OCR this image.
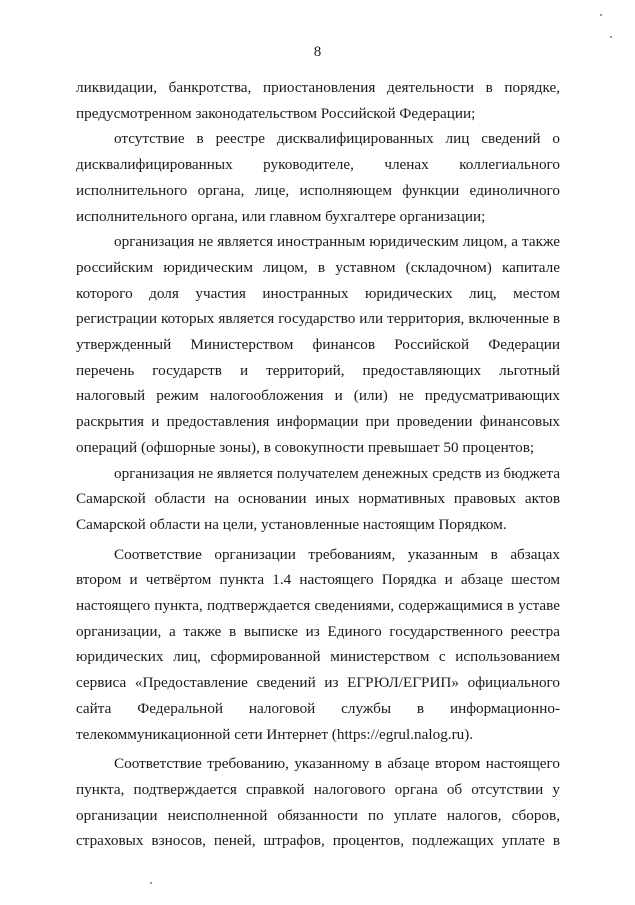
8

ликвидации, банкротства, приостановления деятельности в порядке, предусмотренном законодательством Российской Федерации;

отсутствие в реестре дисквалифицированных лиц сведений о дисквалифицированных руководителе, членах коллегиального исполнительного органа, лице, исполняющем функции единоличного исполнительного органа, или главном бухгалтере организации;

организация не является иностранным юридическим лицом, а также российским юридическим лицом, в уставном (складочном) капитале которого доля участия иностранных юридических лиц, местом регистрации которых является государство или территория, включенные в утвержденный Министерством финансов Российской Федерации перечень государств и территорий, предоставляющих льготный налоговый режим налогообложения и (или) не предусматривающих раскрытия и предоставления информации при проведении финансовых операций (офшорные зоны), в совокупности превышает 50 процентов;

организация не является получателем денежных средств из бюджета Самарской области на основании иных нормативных правовых актов Самарской области на цели, установленные настоящим Порядком.

Соответствие организации требованиям, указанным в абзацах втором и четвёртом пункта 1.4 настоящего Порядка и абзаце шестом настоящего пункта, подтверждается сведениями, содержащимися в уставе организации, а также в выписке из Единого государственного реестра юридических лиц, сформированной министерством с использованием сервиса «Предоставление сведений из ЕГРЮЛ/ЕГРИП» официального сайта Федеральной налоговой службы в информационно-телекоммуникационной сети Интернет (https://egrul.nalog.ru).

Соответствие требованию, указанному в абзаце втором настоящего пункта, подтверждается справкой налогового органа об отсутствии у организации неисполненной обязанности по уплате налогов, сборов, страховых взносов, пеней, штрафов, процентов, подлежащих уплате в
